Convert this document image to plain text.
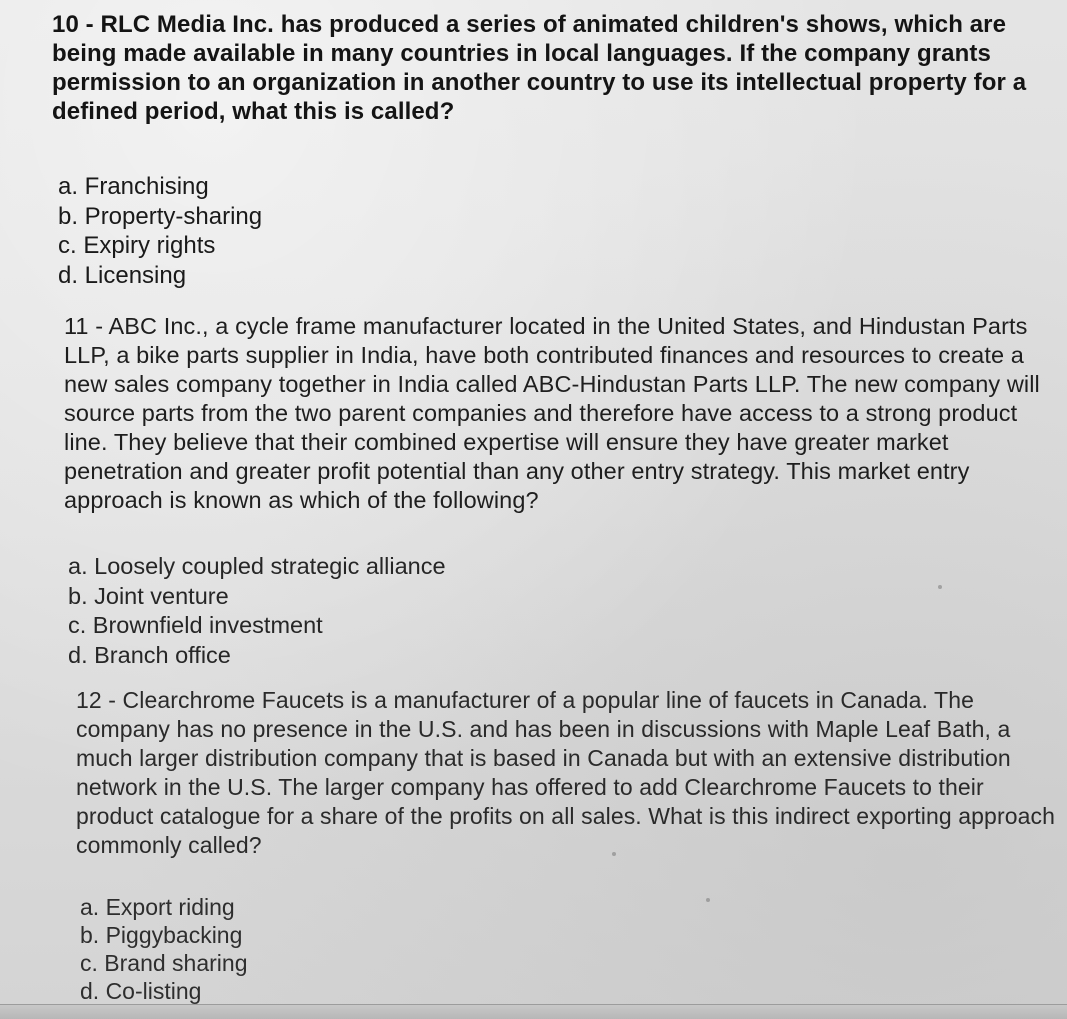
10 - RLC Media Inc. has produced a series of animated children's shows, which are being made available in many countries in local languages. If the company grants permission to an organization in another country to use its intellectual property for a defined period, what this is called?

a. Franchising
b. Property-sharing
c. Expiry rights
d. Licensing

11 - ABC Inc., a cycle frame manufacturer located in the United States, and Hindustan Parts LLP, a bike parts supplier in India, have both contributed finances and resources to create a new sales company together in India called ABC-Hindustan Parts LLP. The new company will source parts from the two parent companies and therefore have access to a strong product line. They believe that their combined expertise will ensure they have greater market penetration and greater profit potential than any other entry strategy. This market entry approach is known as which of the following?

a. Loosely coupled strategic alliance
b. Joint venture
c. Brownfield investment
d. Branch office

12 - Clearchrome Faucets is a manufacturer of a popular line of faucets in Canada. The company has no presence in the U.S. and has been in discussions with Maple Leaf Bath, a much larger distribution company that is based in Canada but with an extensive distribution network in the U.S. The larger company has offered to add Clearchrome Faucets to their product catalogue for a share of the profits on all sales. What is this indirect exporting approach commonly called?

a. Export riding
b. Piggybacking
c. Brand sharing
d. Co-listing
